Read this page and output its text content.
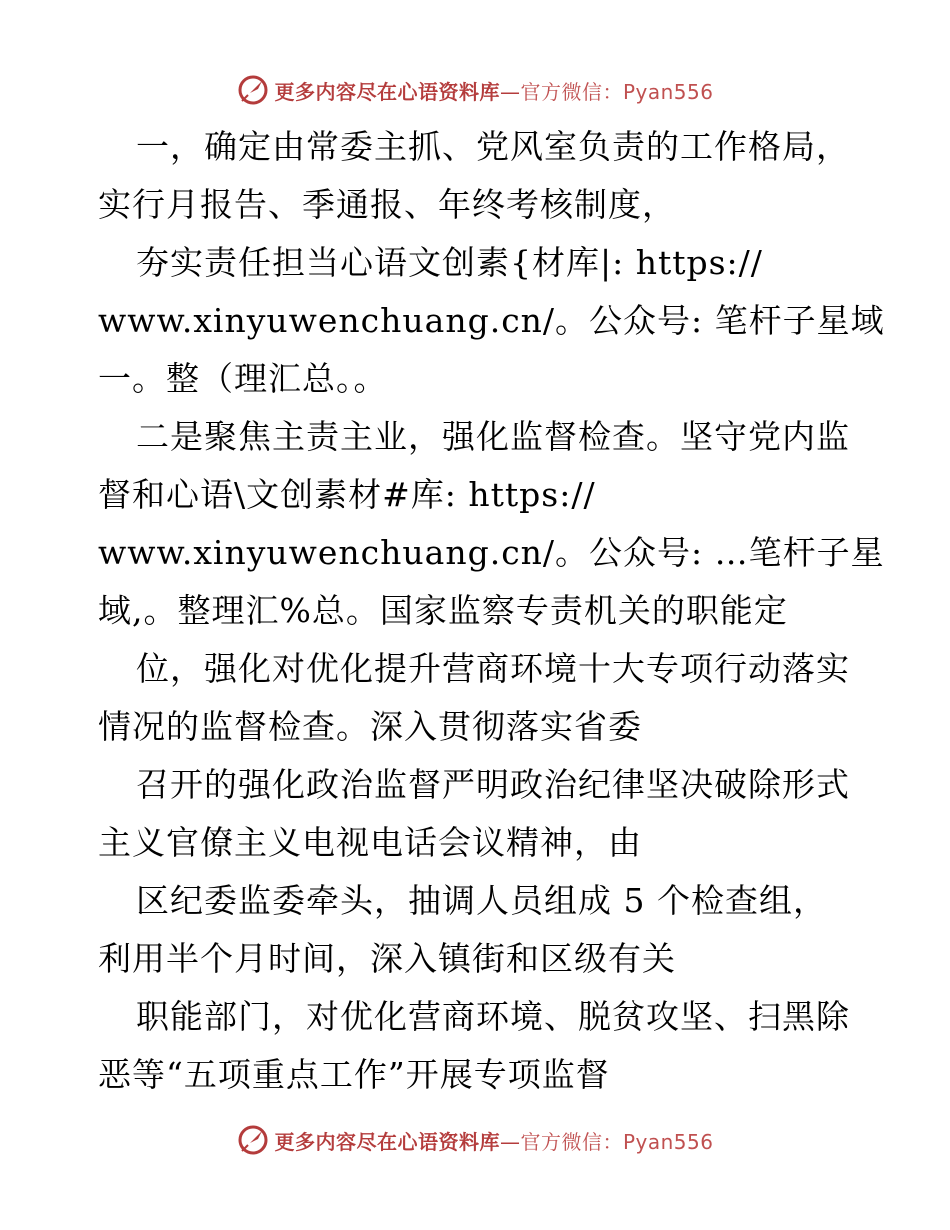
更多内容尽在心语资料库—官方微信：Pyan556
一，确定由常委主抓、党风室负责的工作格局，
实行月报告、季通报、年终考核制度，
夯实责任担当心语文创素{材库|: https://
www.xinyuwenchuang.cn/。公众号: 笔杆子星域
一。整（理汇总。。
二是聚焦主责主业，强化监督检查。坚守党内监
督和心语\文创素材#库: https://
www.xinyuwenchuang.cn/。公众号: …笔杆子星
域,。整理汇%总。国家监察专责机关的职能定
位，强化对优化提升营商环境十大专项行动落实
情况的监督检查。深入贯彻落实省委
召开的强化政治监督严明政治纪律坚决破除形式
主义官僚主义电视电话会议精神，由
区纪委监委牵头，抽调人员组成 5 个检查组，
利用半个月时间，深入镇街和区级有关
职能部门，对优化营商环境、脱贫攻坚、扫黑除
恶等“五项重点工作”开展专项监督
更多内容尽在心语资料库—官方微信：Pyan556
